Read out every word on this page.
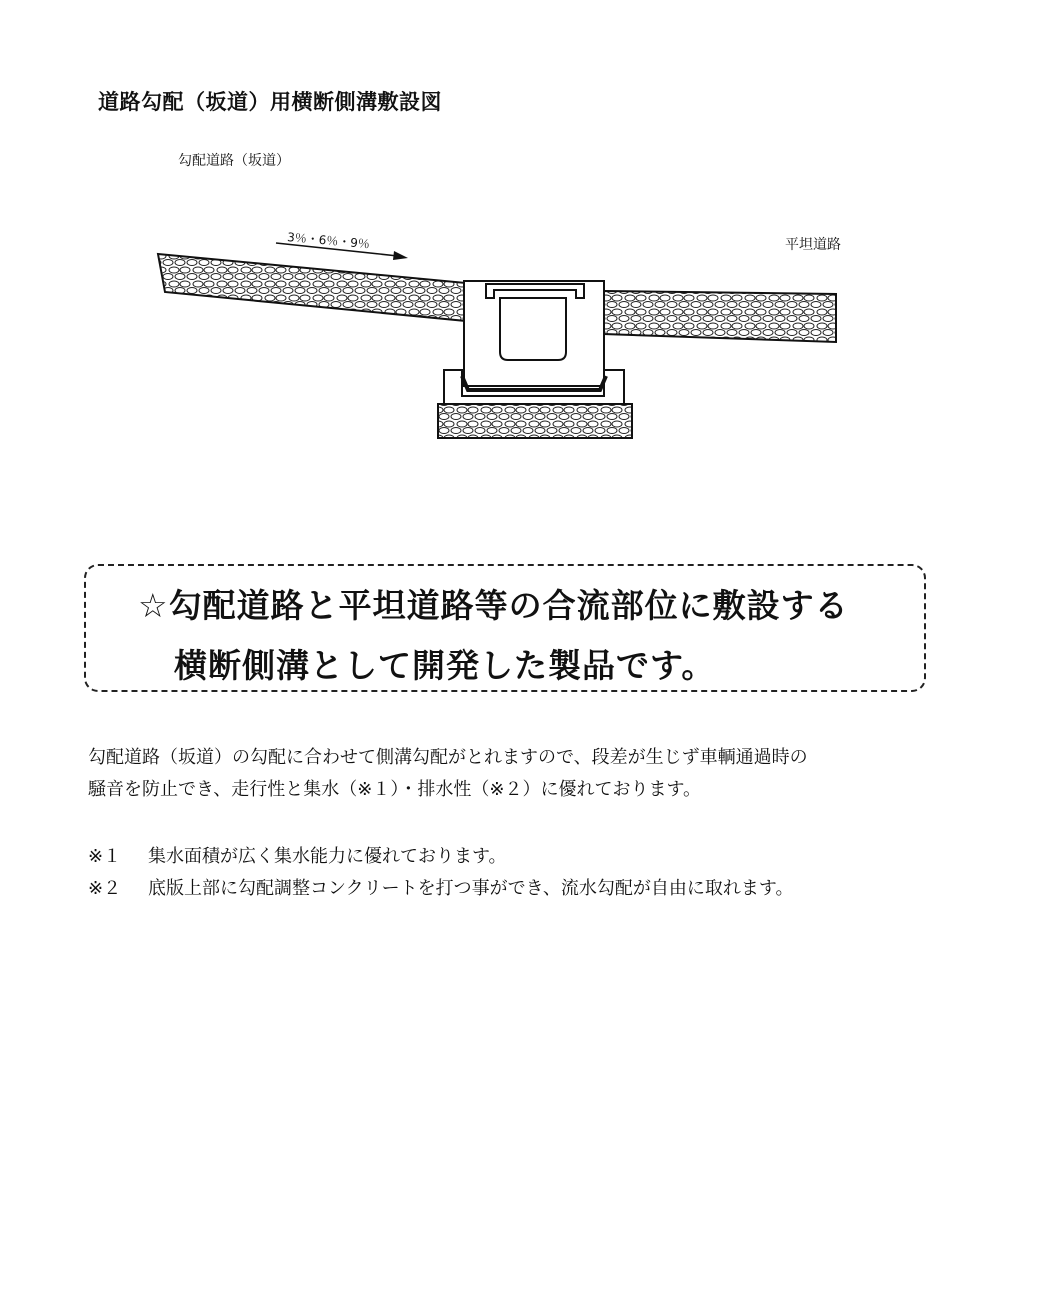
道路勾配（坂道）用横断側溝敷設図
勾配道路（坂道）
平坦道路
3％・6％・9％
☆勾配道路と平坦道路等の合流部位に敷設する
横断側溝として開発した製品です。

勾配道路（坂道）の勾配に合わせて側溝勾配がとれますので、段差が生じず車輌通過時の

騒音を防止でき、走行性と集水（※１）・排水性（※２）に優れております。

※１ 集水面積が広く集水能力に優れております。
※２ 底版上部に勾配調整コンクリートを打つ事ができ、流水勾配が自由に取れます。
